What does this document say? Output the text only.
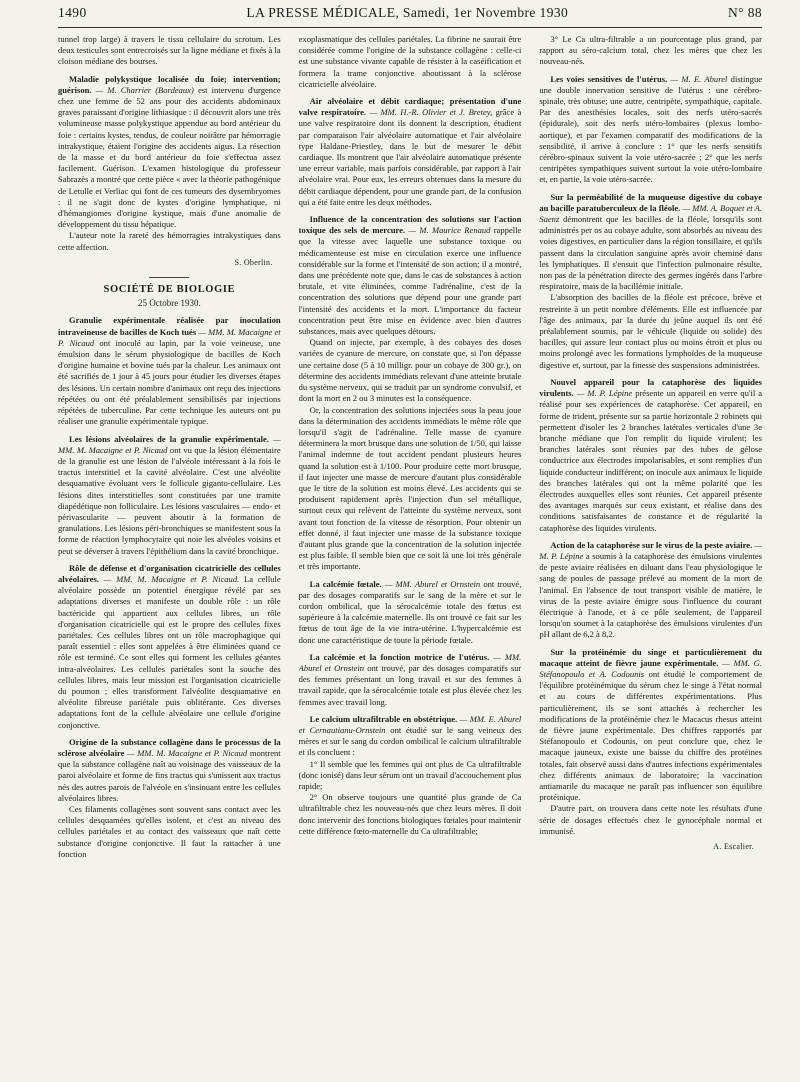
1490	LA PRESSE MÉDICALE, Samedi, 1er Novembre 1930	N° 88

tunnel trop large) à travers le tissu cellulaire du scrotum. Les deux testicules sont entrecroisés sur la ligne médiane et fixés à la cloison médiane des bourses.

Maladie polykystique localisée du foie; intervention; guérison. — M. Charrier (Bordeaux) est intervenu d'urgence chez une femme de 52 ans pour des accidents abdominaux graves paraissant d'origine lithiasique : il découvrit alors une très volumineuse masse polykystique appendue au bord antérieur du foie : certains kystes, tendus, de couleur noirâtre par hémorragie intrakystique, étaient l'origine des accidents aigus. La résection de la masse et du bord antérieur du foie s'effectua assez facilement. Guérison. L'examen histologique du professeur Sabrazès a montré que cette pièce « avec la théorie pathogénique de Letulle et Verliac qui font de ces tumeurs des dysembryomes : il ne s'agit donc de kystes d'origine lymphatique, ni d'hémangiomes d'origine kystique, mais d'une anomalie de développement du tissu hépatique.

L'auteur note la rareté des hémorragies intrakystiques dans cette affection.

S. Oberlin.
SOCIÉTÉ DE BIOLOGIE
25 Octobre 1930.

Granulie expérimentale réalisée par inoculation intraveineuse de bacilles de Koch tués — MM. M. Macaigne et P. Nicaud ont inoculé au lapin, par la voie veineuse, une émulsion dans le sérum physiologique de bacilles de Koch d'origine humaine et bovine tués par la chaleur. Les animaux ont été sacrifiés de 1 jour à 45 jours pour étudier les diverses étapes des lésions. Un certain nombre d'animaux ont reçu des injections répétées ou ont été préalablement sensibilisés par injections répétées de tuberculine. Par cette technique les auteurs ont pu réaliser une granulie expérimentale typique.

Les lésions alvéolaires de la granulie expérimentale. — MM. M. Macaigne et P. Nicaud ont vu que la lésion élémentaire de la granulie est une lésion de l'alvéole intéressant à la fois le tractus interstitiel et la cavité alvéolaire. C'est une alvéolite desquamative évoluant vers le follicule giganto-cellulaire. Les lésions dites interstitielles sont constituées par une tramite diapédétique non folliculaire. Les lésions vasculaires — endo- et périvascularite — peuvent aboutir à la formation de granulations. Les lésions péri-bronchiques se manifestent sous la forme de réaction lymphocytaire qui noie les alvéoles voisins et peut se déverser à travers l'épithélium dans la cavité bronchique.

Rôle de défense et d'organisation cicatricielle des cellules alvéolaires. — MM. M. Macaigne et P. Nicaud. La cellule alvéolaire possède un potentiel énergique révélé par ses adaptations diverses et manifeste un double rôle : un rôle bactéricide qui appartient aux cellules libres, un rôle d'organisation cicatricielle qui est le propre des cellules fixes pariétales. Ces cellules libres ont un rôle macrophagique qui paraît essentiel : elles sont appelées à être éliminées quand ce rôle est terminé. Ce sont elles qui forment les cellules géantes intra-alvéolaires. Les cellules pariétales sont la souche des cellules libres, mais leur mission est l'organisation cicatricielle du poumon ; elles transforment l'alvéolite desquamative en alvéolite fibreuse pariétale puis oblitérante. Ces diverses adaptations font de la cellule alvéolaire une cellule d'origine conjonctive.

Origine de la substance collagène dans le processus de la sclérose alvéolaire — MM. M. Macaigne et P. Nicaud montrent que la substance collagène naît au voisinage des vaisseaux de la paroi alvéolaire et forme de fins tractus qui s'unissent aux tractus nés des autres parois de l'alvéole en s'insinuant entre les cellules alvéolaires libres.

Ces filaments collagènes sont souvent sans contact avec les cellules desquamées qu'elles isolent, et c'est au niveau des cellules pariétales et au contact des vaisseaux que naît cette substance d'origine conjonctive. Il faut la rattacher à une fonction

exoplasmatique des cellules pariétales. La fibrine ne saurait être considérée comme l'origine de la substance collagène : celle-ci est une substance vivante capable de résister à la caséification et formera la trame conjonctive aboutissant à la sclérose cicatricielle alvéolaire.

Air alvéolaire et débit cardiaque; présentation d'une valve respiratoire. — MM. H.-R. Olivier et J. Bretey, grâce à une valve respiratoire dont ils donnent la description, étudient par comparaison l'air alvéolaire automatique et l'air alvéolaire type Haldane-Priestley, dans le but de mesurer le débit cardiaque. Ils montrent que l'air alvéolaire automatique présente une erreur variable, mais parfois considérable, par rapport à l'air alvéolaire vrai. Pour eux, les erreurs obtenues dans la mesure du débit cardiaque dépendent, pour une grande part, de la confusion qui a été faite entre les deux méthodes.

Influence de la concentration des solutions sur l'action toxique des sels de mercure. — M. Maurice Renaud rappelle que la vitesse avec laquelle une substance toxique ou médicamenteuse est mise en circulation exerce une influence considérable sur la forme et l'intensité de son action; il a montré, dans une précédente note que, dans le cas de substances à action brutale, et vite éliminées, comme l'adrénaline, c'est de la concentration des solutions que dépend pour une grande part l'intensité des accidents et la mort. L'importance du facteur concentration peut être mise en évidence avec bien d'autres substances, mais avec quelques détours.

Quand on injecte, par exemple, à des cobayes des doses variées de cyanure de mercure, on constate que, si l'on dépasse une certaine dose (5 à 10 milligr. pour un cobaye de 300 gr.), on détermine des accidents immédiats relevant d'une atteinte brutale du système nerveux, qui se traduit par un syndrome convulsif, et dont la mort en 2 ou 3 minutes est la conséquence.

Or, la concentration des solutions injectées sous la peau joue dans la détermination des accidents immédiats le même rôle que lorsqu'il s'agit de l'adrénaline. Telle masse de cyanure déterminera la mort brusque dans une solution de 1/50, qui laisse l'animal indemne de tout accident pendant plusieurs heures quand la solution est à 1/100. Pour produire cette mort brusque, il faut injecter une masse de mercure d'autant plus considérable que le titre de la solution est moins élevé. Les accidents qui se produisent rapidement après l'injection d'un sel métallique, surtout ceux qui relèvent de l'atteinte du système nerveux, sont avant tout fonction de la vitesse de résorption. Pour obtenir un effet donné, il faut injecter une masse de la substance toxique d'autant plus grande que la concentration de la solution injectée est plus faible. Il semble bien que ce soit là une loi très générale et très importante.

La calcémie fœtale. — MM. Aburel et Ornstein ont trouvé, par des dosages comparatifs sur le sang de la mère et sur le cordon ombilical, que la sérocalcémie totale des fœtus est supérieure à la calcémie maternelle. Ils ont trouvé ce fait sur les fœtus de tout âge de la vie intra-utérine. L'hypercalcémie est donc une caractéristique de toute la période fœtale.

La calcémie et la fonction motrice de l'utérus. — MM. Aburel et Ornstein ont trouvé, par des dosages comparatifs sur des femmes présentant un long travail et sur des femmes à travail rapide, que la sérocalcémie totale est plus élevée chez les femmes avec travail long.

Le calcium ultrafiltrable en obstétrique. — MM. E. Aburel et Cernautianu-Ornstein ont étudié sur le sang veineux des mères et sur le sang du cordon ombilical le calcium ultrafiltrable et ils concluent :

1° Il semble que les femmes qui ont plus de Ca ultrafiltrable (donc ionisé) dans leur sérum ont un travail d'accouchement plus rapide;

2° On observe toujours une quantité plus grande de Ca ultrafiltrable chez les nouveau-nés que chez leurs mères. Il doit donc intervenir des fonctions biologiques fœtales pour maintenir cette différence fœto-maternelle du Ca ultrafiltrable;

3° Le Ca ultra-filtrable a un pourcentage plus grand, par rapport au séro-calcium total, chez les mères que chez les nouveau-nés.

Les voies sensitives de l'utérus. — M. E. Aburel distingue une double innervation sensitive de l'utérus : une cérébro-spinale, très obtuse; une autre, centripète, sympathique, capitale. Par des anesthésies locales, soit des nerfs utéro-sacrés (épidurale), soit des nerfs utéro-lombaires (plexus lombo-aortique), et par l'examen comparatif des modifications de la sensibilité, il arrive à conclure : 1° que les nerfs sensitifs cérébro-spinaux suivent la voie utéro-sacrée ; 2° que les nerfs centripètes sympathiques suivent surtout la voie utéro-lombaire et, en partie, la voie utéro-sacrée.

Sur la perméabilité de la muqueuse digestive du cobaye au bacille paratuberculeux de la fléole. — MM. A. Boquet et A. Saenz démontrent que les bacilles de la fléole, lorsqu'ils sont administrés per os au cobaye adulte, sont absorbés au niveau des voies digestives, en particulier dans la région tonsillaire, et qu'ils passent dans la circulation sanguine après avoir cheminé dans les lymphatiques. Il s'ensuit que l'infection pulmonaire résulte, non pas de la pénétration directe des germes ingérés dans l'arbre respiratoire, mais de la bacillémie initiale.

L'absorption des bacilles de la fléole est précoce, brève et restreinte à un petit nombre d'éléments. Elle est influencée par l'âge des animaux, par la durée du jeûne auquel ils ont été préalablement soumis, par le véhicule (liquide ou solide) des bacilles, qui assure leur contact plus ou moins étroit et plus ou moins prolongé avec les formations lymphoïdes de la muqueuse digestive et, surtout, par la finesse des suspensions administrées.

Nouvel appareil pour la cataphorèse des liquides virulents. — M. P. Lépine présente un appareil en verre qu'il a réalisé pour ses expériences de cataphorèse. Cet appareil, en forme de trident, présente sur sa partie horizontale 2 robinets qui permettent d'isoler les 2 branches latérales verticales d'une 3e branche médiane que l'on remplit du liquide virulent; les branches latérales sont réunies par des tubes de gélose conductrice aux électrodes impolarisables, et sont remplies d'un liquide conducteur indifférent; on inocule aux animaux le liquide des branches latérales qui ont la même polarité que les électrodes auxquelles elles sont réunies. Cet appareil présente des avantages marqués sur ceux existant, et réalise dans des conditions satisfaisantes de constance et de régularité la cataphorèse des liquides virulents.

Action de la cataphorèse sur le virus de la peste aviaire. — M. P. Lépine a soumis à la cataphorèse des émulsions virulentes de peste aviaire réalisées en diluant dans l'eau physiologique le sang de poules de passage prélevé au moment de la mort de l'animal. En l'absence de tout transport visible de matière, le virus de la peste aviaire émigre sous l'influence du courant électrique à l'anode, et à ce pôle seulement, de l'appareil lorsqu'on soumet à la cataphorèse des émulsions virulentes d'un pH allant de 6,2 à 8,2.

Sur la protéinémie du singe et particulièrement du macaque atteint de fièvre jaune expérimentale. — MM. G. Stéfanopoulo et A. Codounis ont étudié le comportement de l'équilibre protéinémique du sérum chez le singe à l'état normal et au cours de différentes expérimentations. Plus particulièrement, ils se sont attachés à rechercher les modifications de la protéinémie chez le Macacus rhesus atteint de fièvre jaune expérimentale. Des chiffres rapportés par Stéfanopoulo et Codounis, on peut conclure que, chez le macaque jauneux, existe une baisse du chiffre des protéines totales, fait observé aussi dans d'autres infections expérimentales chez différents animaux de laboratoire; la vaccination antiamarile du macaque ne paraît pas influencer son équilibre protéinique.

D'autre part, on trouvera dans cette note les résultats d'une série de dosages effectués chez le gynocéphale normal et immunisé.

A. Escalier.
